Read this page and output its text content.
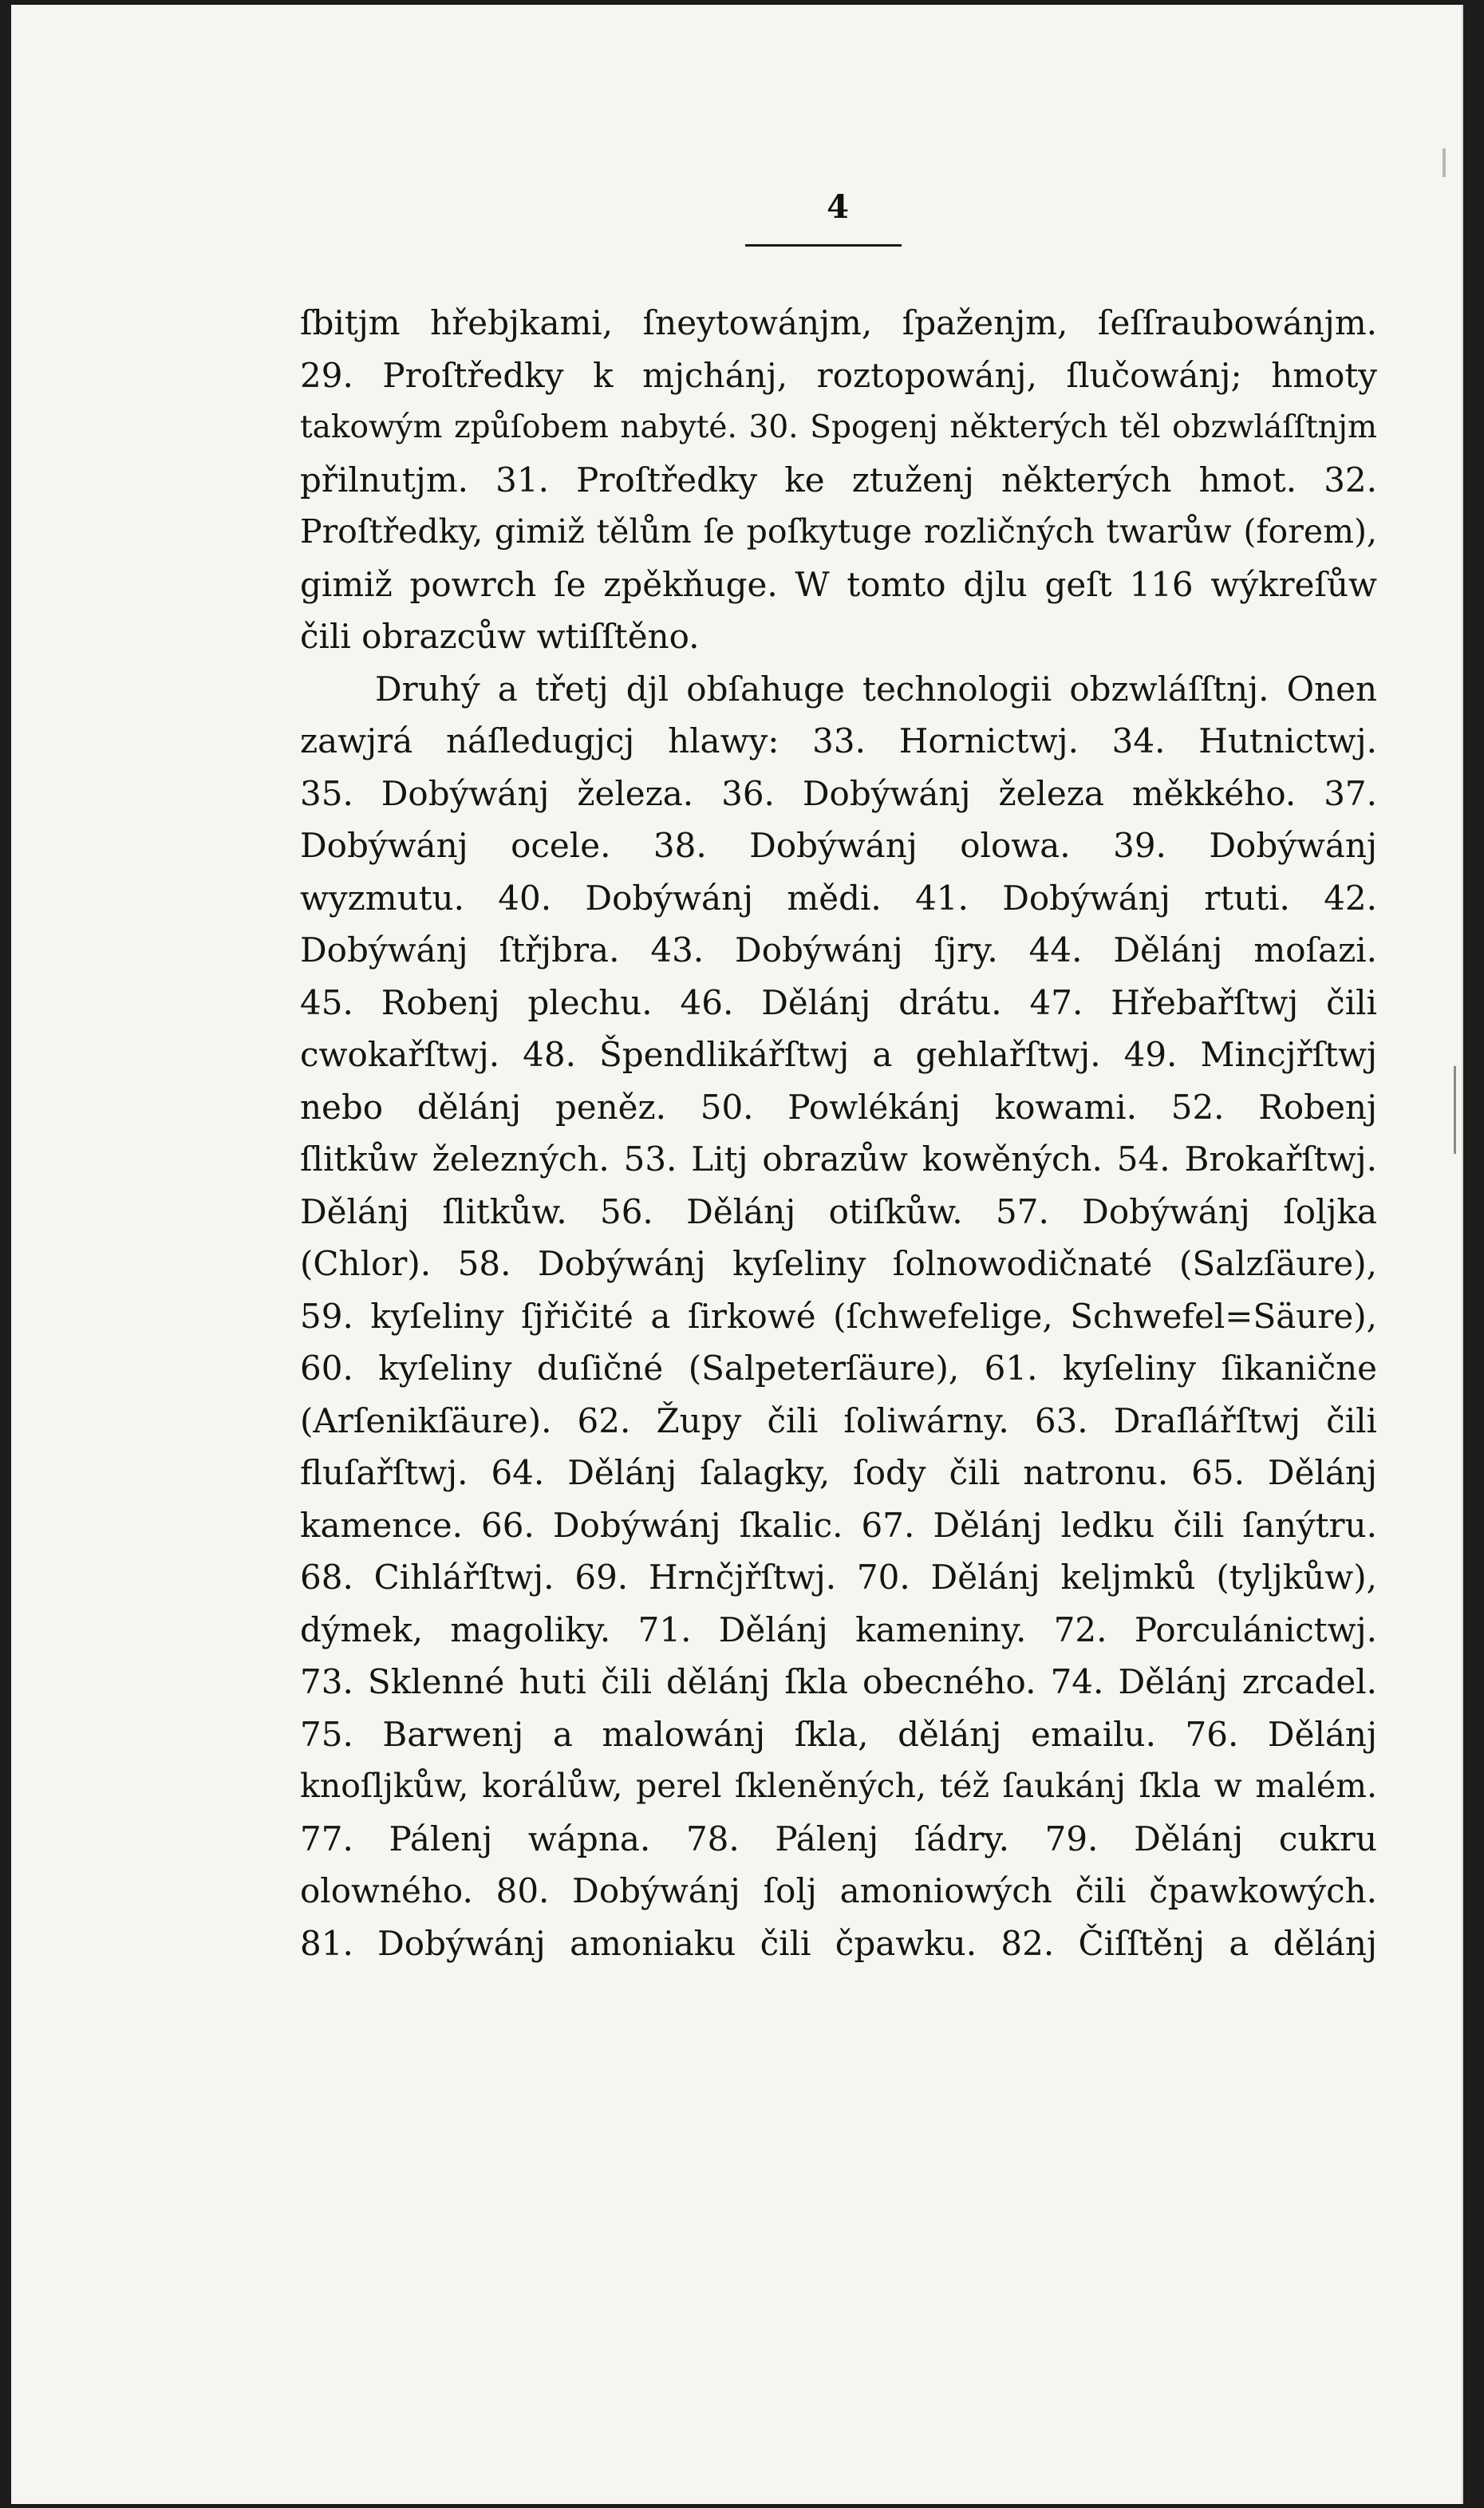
4
ſbitjm hřebjkami, ſneytowánjm, ſpaženjm, ſeſſraubowánjm.
29. Proſtředky k mjchánj, roztopowánj, ſlučowánj; hmoty
takowým způſobem nabyté. 30. Spogenj některých těl obzwláſſtnjm
přilnutjm. 31. Proſtředky ke ztuženj některých hmot. 32.
Proſtředky, gimiž tělům ſe poſkytuge rozličných twarůw (forem),
gimiž powrch ſe zpěkňuge. W tomto djlu geſt 116 wýkreſůw
čili obrazcůw wtiſſtěno.
Druhý a třetj djl obſahuge technologii obzwláſſtnj. Onen
zawjrá náſledugjcj hlawy: 33. Hornictwj. 34. Hutnictwj.
35. Dobýwánj železa. 36. Dobýwánj železa měkkého. 37.
Dobýwánj ocele. 38. Dobýwánj olowa. 39. Dobýwánj
wyzmutu. 40. Dobýwánj mědi. 41. Dobýwánj rtuti. 42.
Dobýwánj ſtřjbra. 43. Dobýwánj ſjry. 44. Dělánj moſazi.
45. Robenj plechu. 46. Dělánj drátu. 47. Hřebařſtwj čili
cwokařſtwj. 48. Špendlikářſtwj a gehlařſtwj. 49. Mincjřſtwj
nebo dělánj peněz. 50. Powlékánj kowami. 52. Robenj
ſlitkůw železných. 53. Litj obrazůw kowěných. 54. Brokařſtwj.
Dělánj ſlitkůw. 56. Dělánj otiſkůw. 57. Dobýwánj ſoljka
(Chlor). 58. Dobýwánj kyſeliny ſolnowodičnaté (Salzſäure),
59. kyſeliny ſjřičité a ſirkowé (ſchwefelige, Schwefel=Säure),
60. kyſeliny duſičné (Salpeterſäure), 61. kyſeliny ſikanične
(Arſenikſäure). 62. Župy čili ſoliwárny. 63. Draſlářſtwj čili
fluſařſtwj. 64. Dělánj ſalagky, ſody čili natronu. 65. Dělánj
kamence. 66. Dobýwánj ſkalic. 67. Dělánj ledku čili ſanýtru.
68. Cihlářſtwj. 69. Hrnčjřſtwj. 70. Dělánj keljmků (tyljkůw),
dýmek, magoliky. 71. Dělánj kameniny. 72. Porculánictwj.
73. Sklenné huti čili dělánj ſkla obecného. 74. Dělánj zrcadel.
75. Barwenj a malowánj ſkla, dělánj emailu. 76. Dělánj
knoſljkůw, korálůw, perel ſkleněných, též ſaukánj ſkla w malém.
77. Pálenj wápna. 78. Pálenj ſádry. 79. Dělánj cukru
olowného. 80. Dobýwánj ſolj amoniowých čili čpawkowých.
81. Dobýwánj amoniaku čili čpawku. 82. Čiſſtěnj a dělánj
